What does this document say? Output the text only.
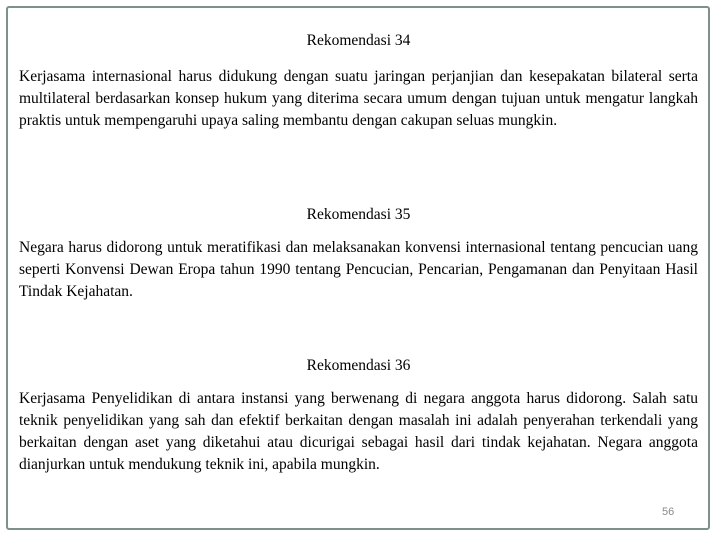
Rekomendasi 34

Kerjasama internasional harus didukung dengan suatu jaringan perjanjian dan kesepakatan bilateral serta multilateral berdasarkan konsep hukum yang diterima secara umum dengan tujuan untuk mengatur langkah praktis untuk mempengaruhi upaya saling membantu dengan cakupan seluas mungkin.

Rekomendasi 35

Negara harus didorong untuk meratifikasi dan melaksanakan konvensi internasional tentang pencucian uang seperti Konvensi Dewan Eropa tahun 1990 tentang Pencucian, Pencarian, Pengamanan dan Penyitaan Hasil Tindak Kejahatan.

Rekomendasi 36

Kerjasama Penyelidikan di antara instansi yang berwenang di negara anggota harus didorong. Salah satu teknik penyelidikan yang sah dan efektif berkaitan dengan masalah ini adalah penyerahan terkendali yang berkaitan dengan aset yang diketahui atau dicurigai sebagai hasil dari tindak kejahatan. Negara anggota dianjurkan untuk mendukung teknik ini, apabila mungkin.

56
